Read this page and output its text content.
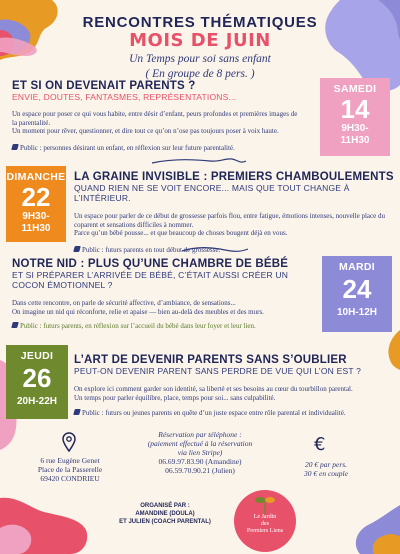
RENCONTRES THÉMATIQUES
MOIS DE JUIN
Un Temps pour soi sans enfant
( En groupe de 8 pers. )
ET SI ON DEVENAIT PARENTS ?
ENVIE, DOUTES, FANTASMES, REPRÉSENTATIONS...
Un espace pour poser ce qui vous habite, entre désir d’enfant, peurs profondes et premières images de la parentalité.
Un moment pour rêver, questionner, et dire tout ce qu’on n’ose pas toujours poser à voix haute.
Public : personnes désirant un enfant, en réflexion sur leur future parentalité.
SAMEDI
14
9H30-
11H30
DIMANCHE
22
9H30-
11H30
LA GRAINE INVISIBLE : PREMIERS CHAMBOULEMENTS
QUAND RIEN NE SE VOIT ENCORE... MAIS QUE TOUT CHANGE À L’INTÉRIEUR.
Un espace pour parler de ce début de grossesse parfois flou, entre fatigue, émotions intenses, nouvelle place du coparent et sensations difficiles à nommer.
Parce qu’un bébé pousse... et que beaucoup de choses bougent déjà en vous.
Public : futurs parents en tout début de grossesse.
NOTRE NID : PLUS QU’UNE CHAMBRE DE BÉBÉ
ET SI PRÉPARER L’ARRIVÉE DE BÉBÉ, C’ÉTAIT AUSSI CRÉER UN COCON ÉMOTIONNEL ?
Dans cette rencontre, on parle de sécurité affective, d’ambiance, de sensations...
On imagine un nid qui réconforte, relie et apaise — bien au-delà des meubles et des murs.
Public : futurs parents, en réflexion sur l’accueil du bébé dans leur foyer et leur lien.
MARDI
24
10H-12H
JEUDI
26
20H-22H
L’ART DE DEVENIR PARENTS SANS S’OUBLIER
PEUT-ON DEVENIR PARENT SANS PERDRE DE VUE QUI L’ON EST ?
On explore ici comment garder son identité, sa liberté et ses besoins au cœur du tourbillon parental.
Un temps pour parler équilibre, place, temps pour soi... sans culpabilité.
Public : futurs ou jeunes parents en quête d’un juste espace entre rôle parental et individualité.
6 rue Eugène Genet
Place de la Passerelle
69420 CONDRIEU
Réservation par téléphone :
(paiement effectué à la réservation
via lien Stripe)
06.69.97.83.90 (Amandine)
06.59.70.90.21 (Julien)
€
20 € par pers.
30 € en couple
ORGANISÉ PAR :
AMANDINE (DOULA)
ET JULIEN (COACH PARENTAL)
Le Jardin
des
Premiers Liens
